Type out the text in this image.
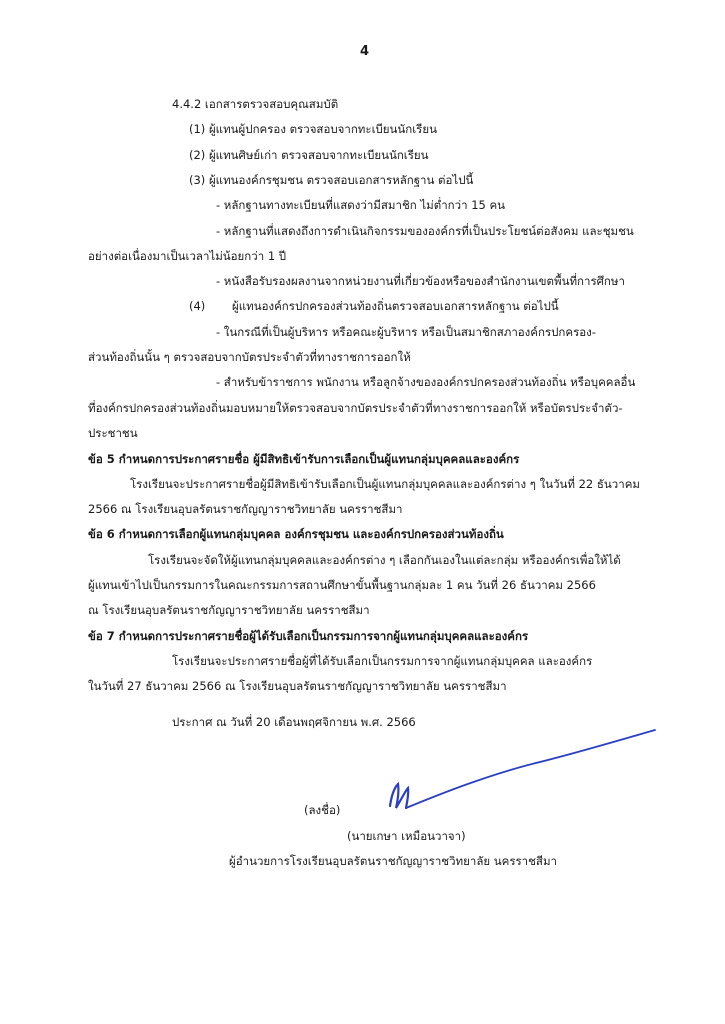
4
4.4.2 เอกสารตรวจสอบคุณสมบัติ
(1) ผู้แทนผู้ปกครอง ตรวจสอบจากทะเบียนนักเรียน
(2) ผู้แทนศิษย์เก่า ตรวจสอบจากทะเบียนนักเรียน
(3) ผู้แทนองค์กรชุมชน ตรวจสอบเอกสารหลักฐาน ต่อไปนี้
- หลักฐานทางทะเบียนที่แสดงว่ามีสมาชิก ไม่ต่ำกว่า 15 คน
- หลักฐานที่แสดงถึงการดำเนินกิจกรรมขององค์กรที่เป็นประโยชน์ต่อสังคม และชุมชน
อย่างต่อเนื่องมาเป็นเวลาไม่น้อยกว่า 1 ปี
- หนังสือรับรองผลงานจากหน่วยงานที่เกี่ยวข้องหรือของสำนักงานเขตพื้นที่การศึกษา
(4) ผู้แทนองค์กรปกครองส่วนท้องถิ่นตรวจสอบเอกสารหลักฐาน ต่อไปนี้
- ในกรณีที่เป็นผู้บริหาร หรือคณะผู้บริหาร หรือเป็นสมาชิกสภาองค์กรปกครอง-
ส่วนท้องถิ่นนั้น ๆ ตรวจสอบจากบัตรประจำตัวที่ทางราชการออกให้
- สำหรับข้าราชการ พนักงาน หรือลูกจ้างขององค์กรปกครองส่วนท้องถิ่น หรือบุคคลอื่น
ที่องค์กรปกครองส่วนท้องถิ่นมอบหมายให้ตรวจสอบจากบัตรประจำตัวที่ทางราชการออกให้ หรือบัตรประจำตัว-
ประชาชน
ข้อ 5 กำหนดการประกาศรายชื่อ ผู้มีสิทธิเข้ารับการเลือกเป็นผู้แทนกลุ่มบุคคลและองค์กร
โรงเรียนจะประกาศรายชื่อผู้มีสิทธิเข้ารับเลือกเป็นผู้แทนกลุ่มบุคคลและองค์กรต่าง ๆ ในวันที่ 22 ธันวาคม
2566 ณ โรงเรียนอุบลรัตนราชกัญญาราชวิทยาลัย นครราชสีมา
ข้อ 6 กำหนดการเลือกผู้แทนกลุ่มบุคคล องค์กรชุมชน และองค์กรปกครองส่วนท้องถิ่น
โรงเรียนจะจัดให้ผู้แทนกลุ่มบุคคลและองค์กรต่าง ๆ เลือกกันเองในแต่ละกลุ่ม หรือองค์กรเพื่อให้ได้
ผู้แทนเข้าไปเป็นกรรมการในคณะกรรมการสถานศึกษาขั้นพื้นฐานกลุ่มละ 1 คน วันที่ 26 ธันวาคม 2566
ณ โรงเรียนอุบลรัตนราชกัญญาราชวิทยาลัย นครราชสีมา
ข้อ 7 กำหนดการประกาศรายชื่อผู้ได้รับเลือกเป็นกรรมการจากผู้แทนกลุ่มบุคคลและองค์กร
โรงเรียนจะประกาศรายชื่อผู้ที่ได้รับเลือกเป็นกรรมการจากผู้แทนกลุ่มบุคคล และองค์กร
ในวันที่ 27 ธันวาคม 2566 ณ โรงเรียนอุบลรัตนราชกัญญาราชวิทยาลัย นครราชสีมา
ประกาศ ณ วันที่ 20 เดือนพฤศจิกายน พ.ศ. 2566
(ลงชื่อ)
(นายเกษา เหมือนวาจา)
ผู้อำนวยการโรงเรียนอุบลรัตนราชกัญญาราชวิทยาลัย นครราชสีมา
